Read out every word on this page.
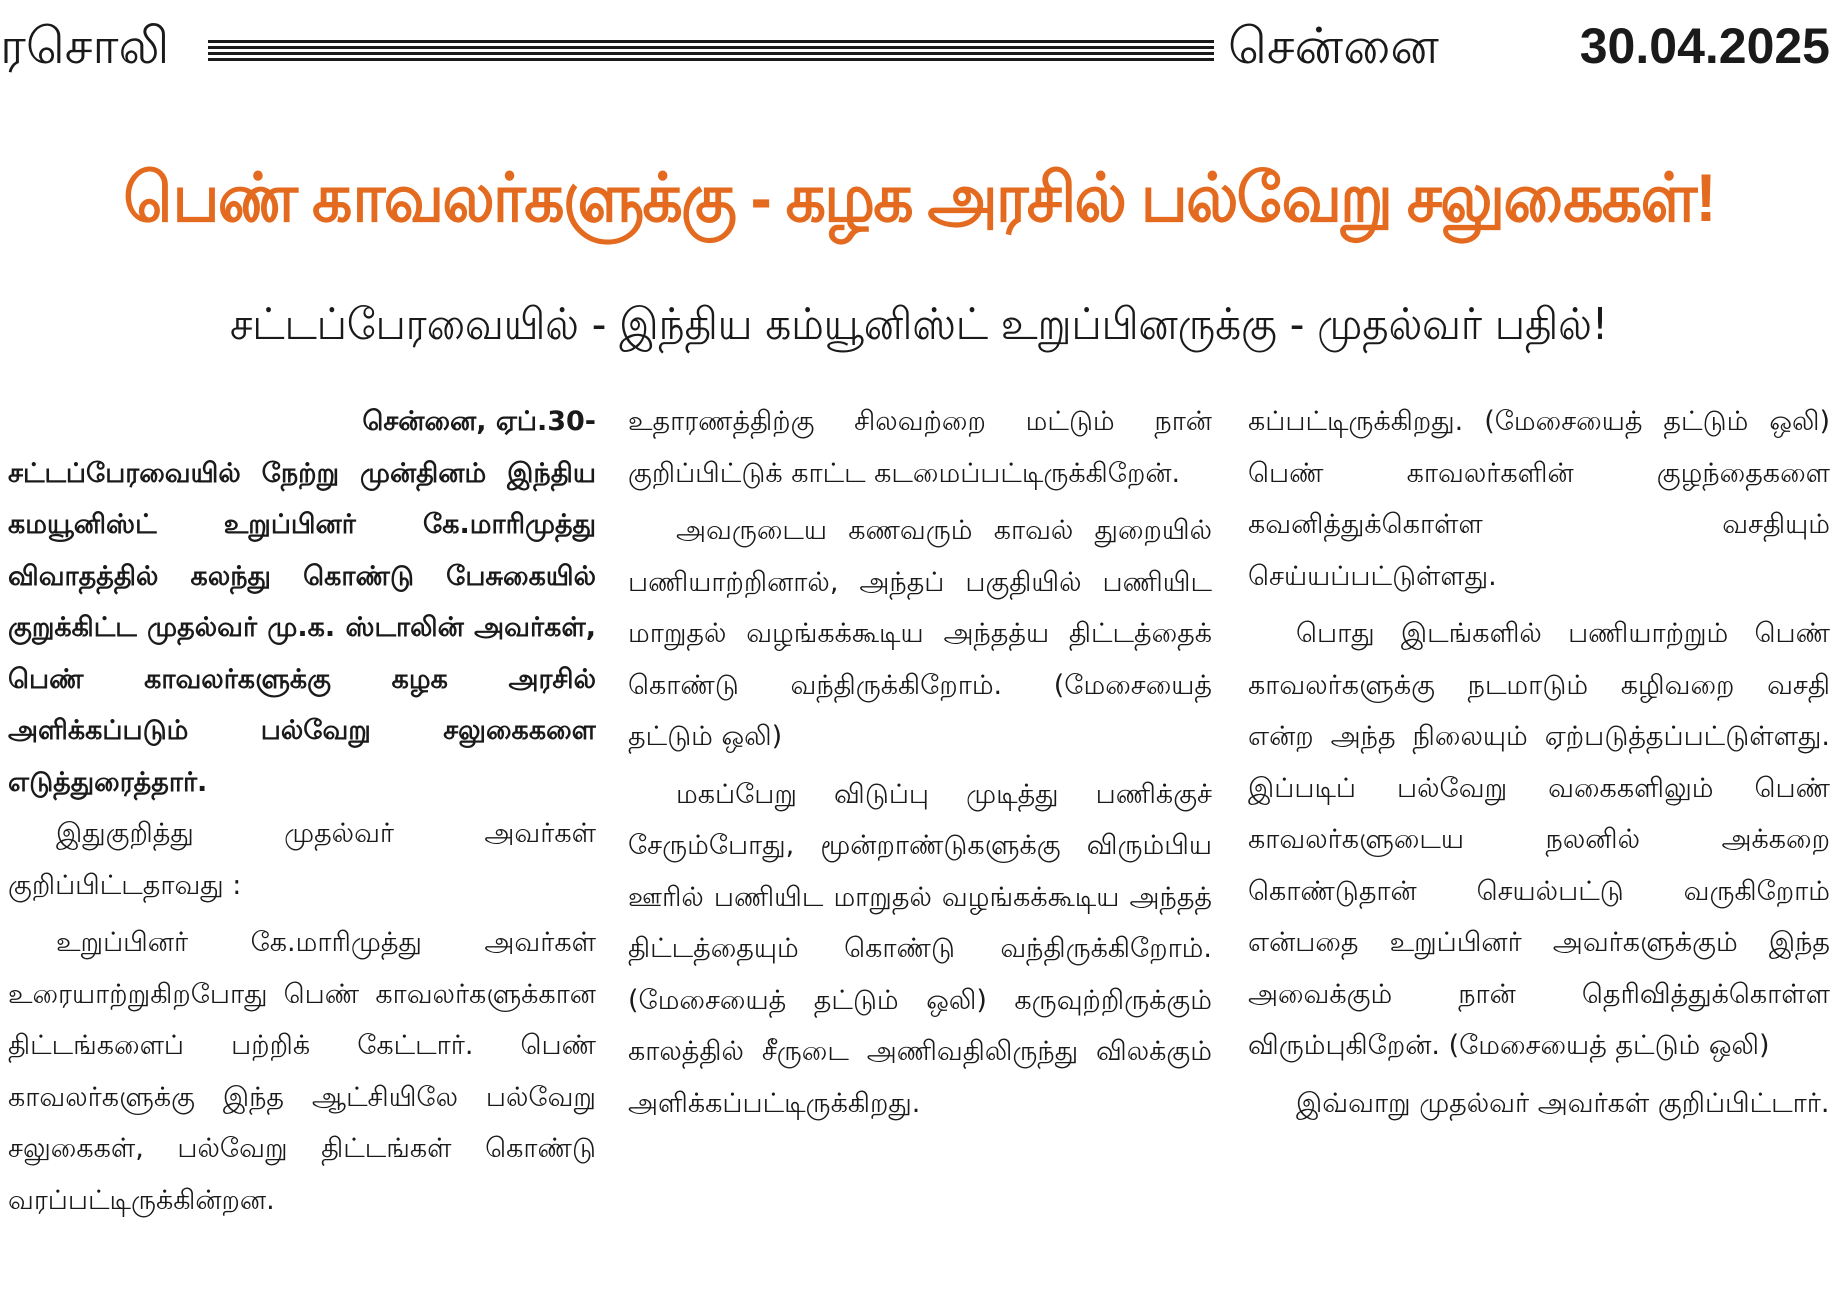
ரசொலி	சென்னை	30.04.2025
பெண் காவலர்களுக்கு - கழக அரசில் பல்வேறு சலுகைகள்!
சட்டப்பேரவையில் - இந்திய கம்யூனிஸ்ட் உறுப்பினருக்கு - முதல்வர் பதில்!

சென்னை, ஏப்.30-

சட்டப்பேரவையில் நேற்று முன்தினம் இந்திய கமயூனிஸ்ட் உறுப்பினர் கே.மாரிமுத்து விவாதத்தில் கலந்து கொண்டு பேசுகையில் குறுக்கிட்ட முதல்வர் மு.க. ஸ்டாலின் அவர்கள், பெண் காவலர்களுக்கு கழக அரசில் அளிக்கப்படும் பல்வேறு சலுகைகளை எடுத்துரைத்தார்.

இதுகுறித்து முதல்வர் அவர்கள் குறிப்பிட்டதாவது :

உறுப்பினர் கே.மாரிமுத்து அவர்கள் உரையாற்றுகிறபோது பெண் காவலர்களுக்கான திட்டங்களைப் பற்றிக் கேட்டார். பெண் காவலர்களுக்கு இந்த ஆட்சியிலே பல்வேறு சலுகைகள், பல்வேறு திட்டங்கள் கொண்டு வரப்பட்டிருக்கின்றன.

உதாரணத்திற்கு சிலவற்றை மட்டும் நான் குறிப்பிட்டுக் காட்ட கடமைப்பட்டிருக்கிறேன்.

அவருடைய கணவரும் காவல் துறையில் பணியாற்றினால், அந்தப் பகுதியில் பணியிட மாறுதல் வழங்கக்கூடிய அந்தத்ய திட்டத்தைக் கொண்டு வந்திருக்கிறோம். (மேசையைத் தட்டும் ஒலி)

மகப்பேறு விடுப்பு முடித்து பணிக்குச் சேரும்போது, மூன்றாண்டுகளுக்கு விரும்பிய ஊரில் பணியிட மாறுதல் வழங்கக்கூடிய அந்தத் திட்டத்தையும் கொண்டு வந்திருக்கிறோம். (மேசையைத் தட்டும் ஒலி) கருவுற்றிருக்கும் காலத்தில் சீருடை அணிவதிலிருந்து விலக்கும் அளிக்கப்பட்டிருக்கிறது.

கப்பட்டிருக்கிறது. (மேசையைத் தட்டும் ஒலி) பெண் காவலர்களின் குழந்தைகளை கவனித்துக்கொள்ள வசதியும் செய்யப்பட்டுள்ளது.

பொது இடங்களில் பணியாற்றும் பெண் காவலர்களுக்கு நடமாடும் கழிவறை வசதி என்ற அந்த நிலையும் ஏற்படுத்தப்பட்டுள்ளது. இப்படிப் பல்வேறு வகைகளிலும் பெண் காவலர்களுடைய நலனில் அக்கறை கொண்டுதான் செயல்பட்டு வருகிறோம் என்பதை உறுப்பினர் அவர்களுக்கும் இந்த அவைக்கும் நான் தெரிவித்துக்கொள்ள விரும்புகிறேன். (மேசையைத் தட்டும் ஒலி)

இவ்வாறு முதல்வர் அவர்கள் குறிப்பிட்டார்.
